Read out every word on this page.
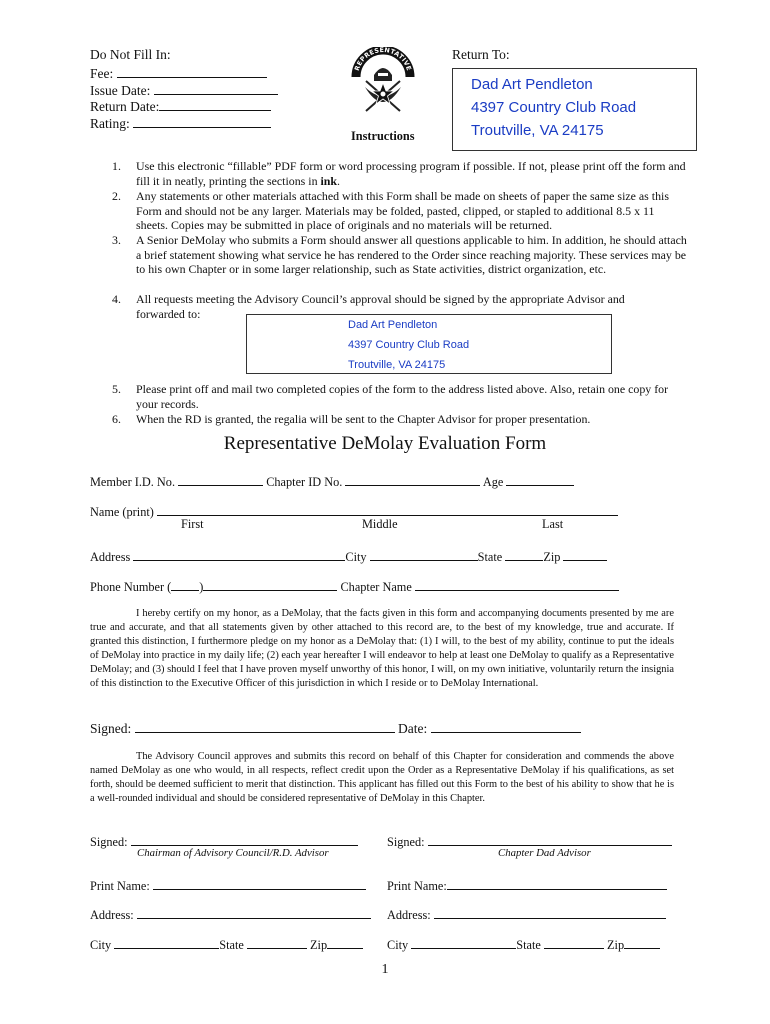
Do Not Fill In:
Fee:
Issue Date:
Return Date:
Rating:
REPRESENTATIVE
Instructions
Return To:
Dad Art Pendleton
4397 Country Club Road
Troutville, VA 24175
1. Use this electronic “fillable” PDF form or word processing program if possible. If not, please print off the form and fill it in neatly, printing the sections in ink.
2. Any statements or other materials attached with this Form shall be made on sheets of paper the same size as this Form and should not be any larger. Materials may be folded, pasted, clipped, or stapled to additional 8.5 x 11 sheets. Copies may be submitted in place of originals and no materials will be returned.
3. A Senior DeMolay who submits a Form should answer all questions applicable to him. In addition, he should attach a brief statement showing what service he has rendered to the Order since reaching majority. These services may be to his own Chapter or in some larger relationship, such as State activities, district organization, etc.
4. All requests meeting the Advisory Council’s approval should be signed by the appropriate Advisor and forwarded to:
Dad Art Pendleton
4397 Country Club Road
Troutville, VA 24175
5. Please print off and mail two completed copies of the form to the address listed above. Also, retain one copy for your records.
6. When the RD is granted, the regalia will be sent to the Chapter Advisor for proper presentation.
Representative DeMolay Evaluation Form
Member I.D. No.	Chapter ID No.	Age
Name (print)
First	Middle	Last
Address	City	State	Zip
Phone Number ( )	Chapter Name
I hereby certify on my honor, as a DeMolay, that the facts given in this form and accompanying documents presented by me are true and accurate, and that all statements given by other attached to this record are, to the best of my knowledge, true and accurate. If granted this distinction, I furthermore pledge on my honor as a DeMolay that: (1) I will, to the best of my ability, continue to put the ideals of DeMolay into practice in my daily life; (2) each year hereafter I will endeavor to help at least one DeMolay to qualify as a Representative DeMolay; and (3) should I feel that I have proven myself unworthy of this honor, I will, on my own initiative, voluntarily return the insignia of this distinction to the Executive Officer of this jurisdiction in which I reside or to DeMolay International.
Signed:	Date:
The Advisory Council approves and submits this record on behalf of this Chapter for consideration and commends the above named DeMolay as one who would, in all respects, reflect credit upon the Order as a Representative DeMolay if his qualifications, as set forth, should be deemed sufficient to merit that distinction. This applicant has filled out this Form to the best of his ability to show that he is a well-rounded individual and should be considered representative of DeMolay in this Chapter.
Signed:	Signed:
Chairman of Advisory Council/R.D. Advisor	Chapter Dad Advisor
Print Name:	Print Name:
Address:	Address:
City	State	Zip	City	State	Zip
1
